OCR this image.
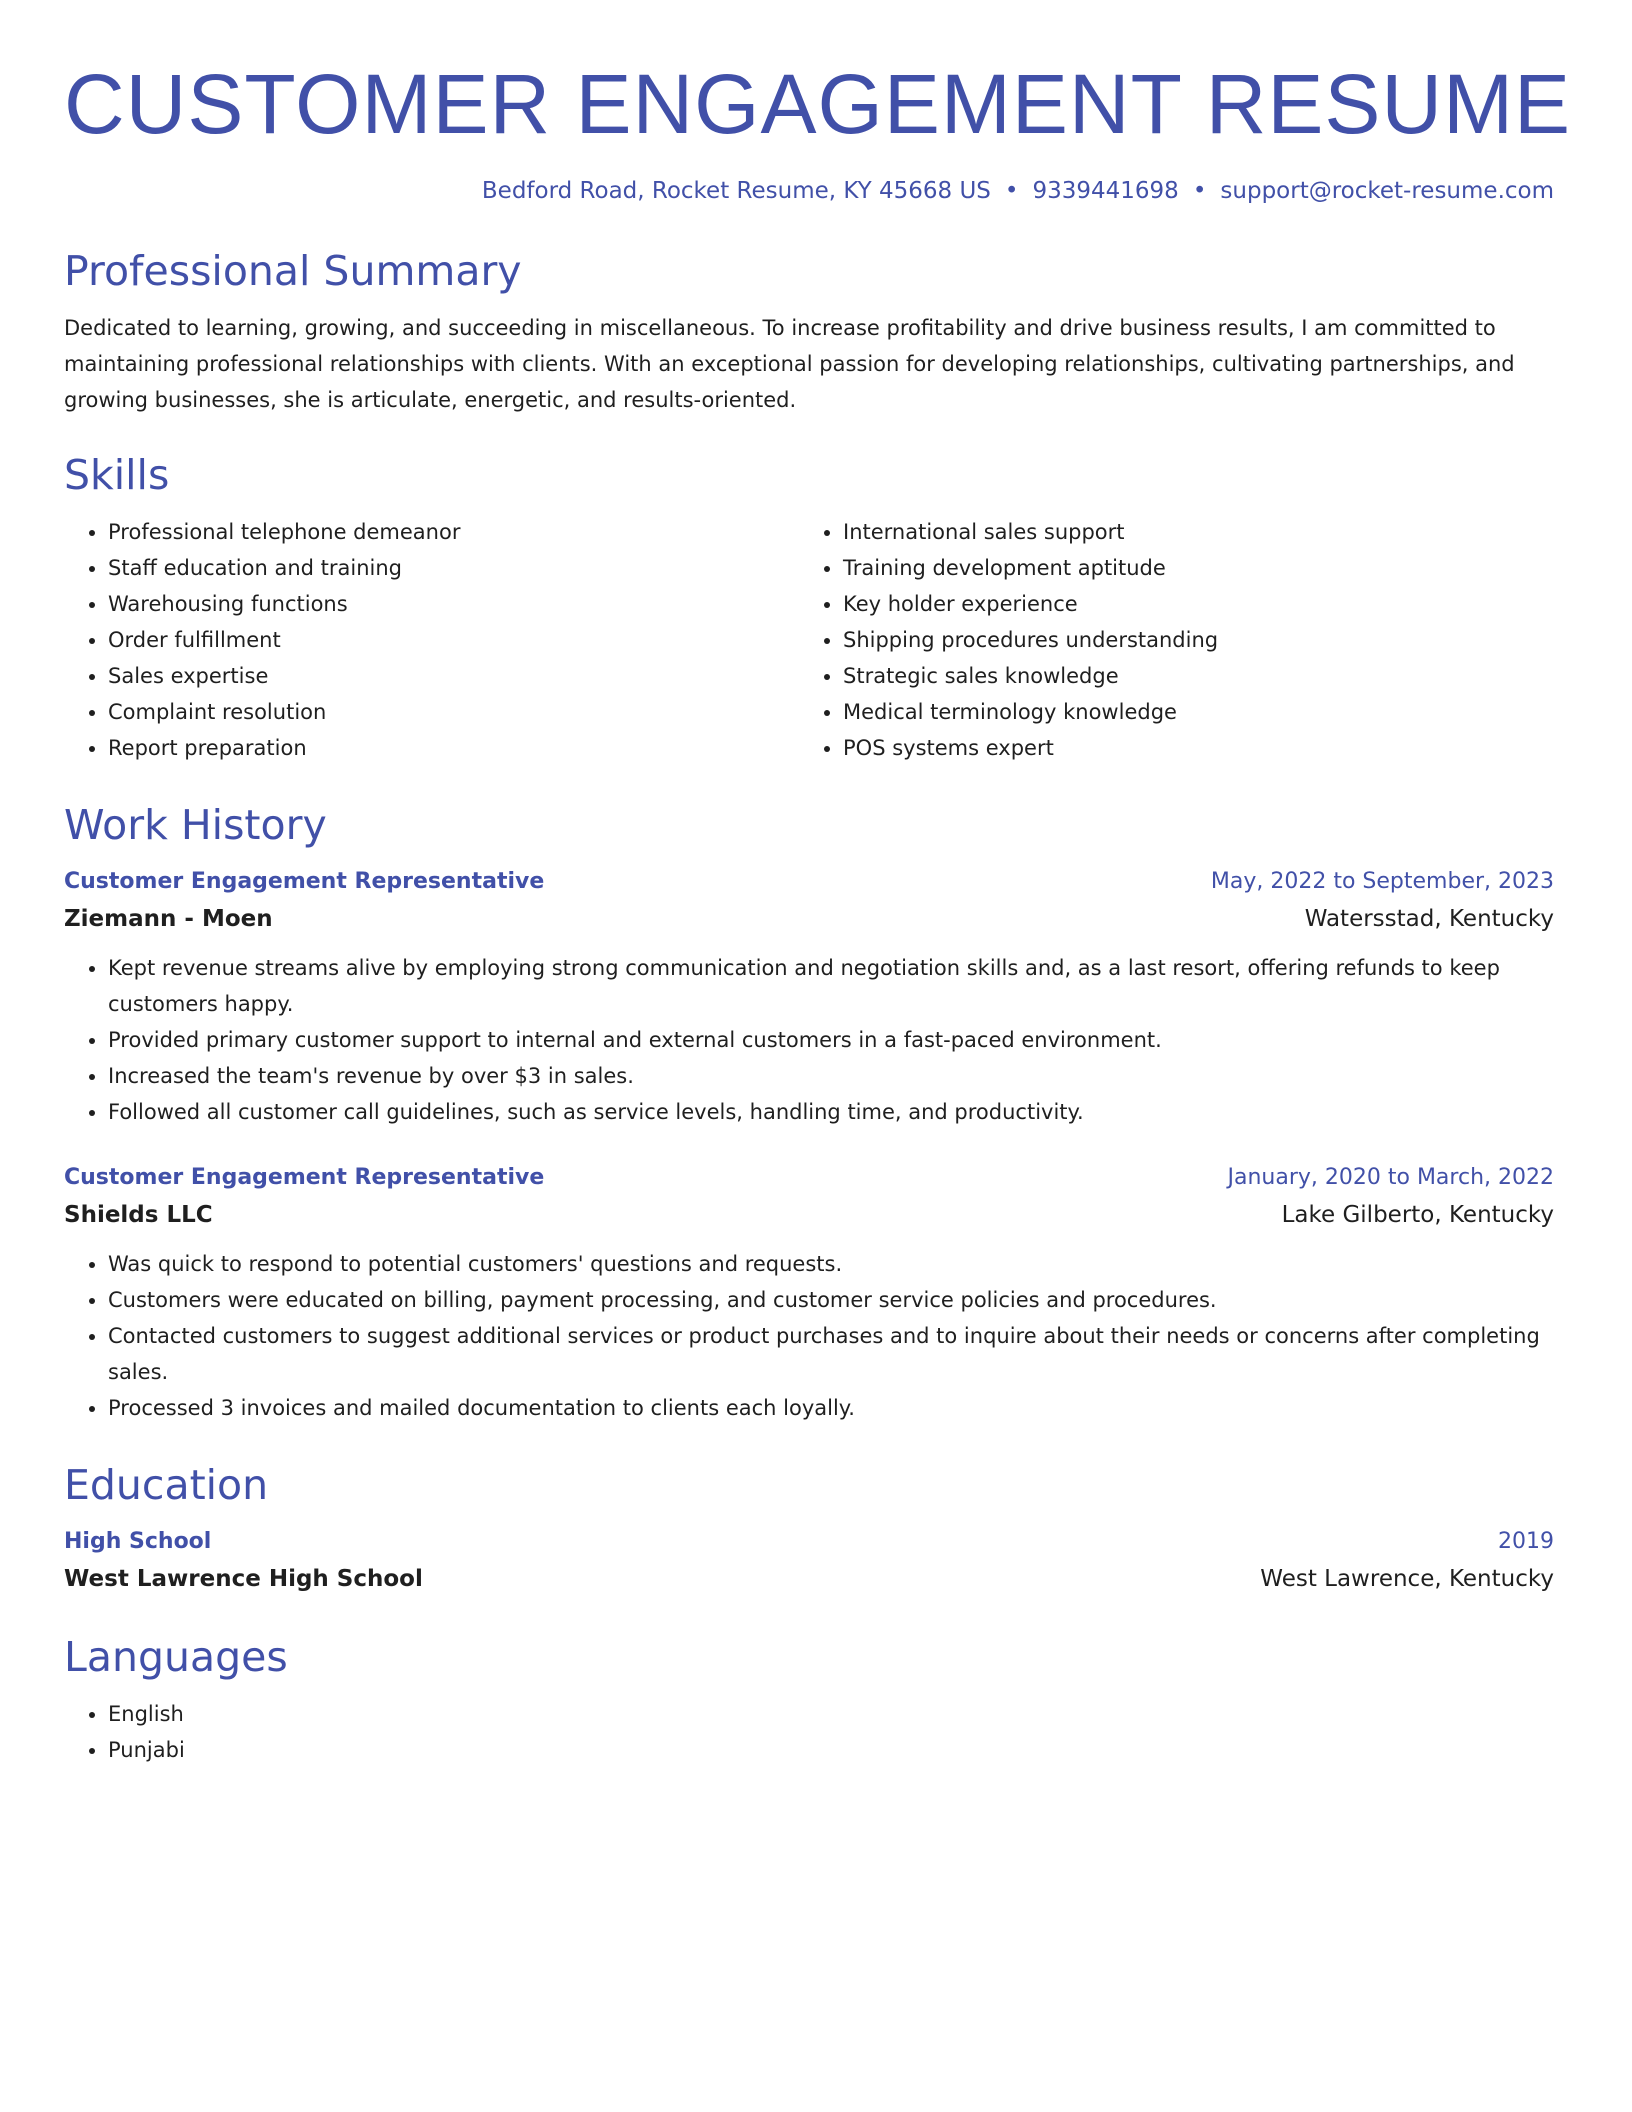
CUSTOMER ENGAGEMENT RESUME
Bedford Road, Rocket Resume, KY 45668 US • 9339441698 • support@rocket-resume.com
Professional Summary

Dedicated to learning, growing, and succeeding in miscellaneous. To increase profitability and drive business results, I am committed to maintaining professional relationships with clients. With an exceptional passion for developing relationships, cultivating partnerships, and growing businesses, she is articulate, energetic, and results-oriented.

Skills
• Professional telephone demeanor
• Staff education and training
• Warehousing functions
• Order fulfillment
• Sales expertise
• Complaint resolution
• Report preparation
• International sales support
• Training development aptitude
• Key holder experience
• Shipping procedures understanding
• Strategic sales knowledge
• Medical terminology knowledge
• POS systems expert
Work History
Customer Engagement Representative	May, 2022 to September, 2023
Ziemann - Moen	Watersstad, Kentucky
• Kept revenue streams alive by employing strong communication and negotiation skills and, as a last resort, offering refunds to keep customers happy.
• Provided primary customer support to internal and external customers in a fast-paced environment.
• Increased the team's revenue by over $3 in sales.
• Followed all customer call guidelines, such as service levels, handling time, and productivity.
Customer Engagement Representative	January, 2020 to March, 2022
Shields LLC	Lake Gilberto, Kentucky
• Was quick to respond to potential customers' questions and requests.
• Customers were educated on billing, payment processing, and customer service policies and procedures.
• Contacted customers to suggest additional services or product purchases and to inquire about their needs or concerns after completing sales.
• Processed 3 invoices and mailed documentation to clients each loyally.
Education
High School	2019
West Lawrence High School	West Lawrence, Kentucky
Languages
• English
• Punjabi
